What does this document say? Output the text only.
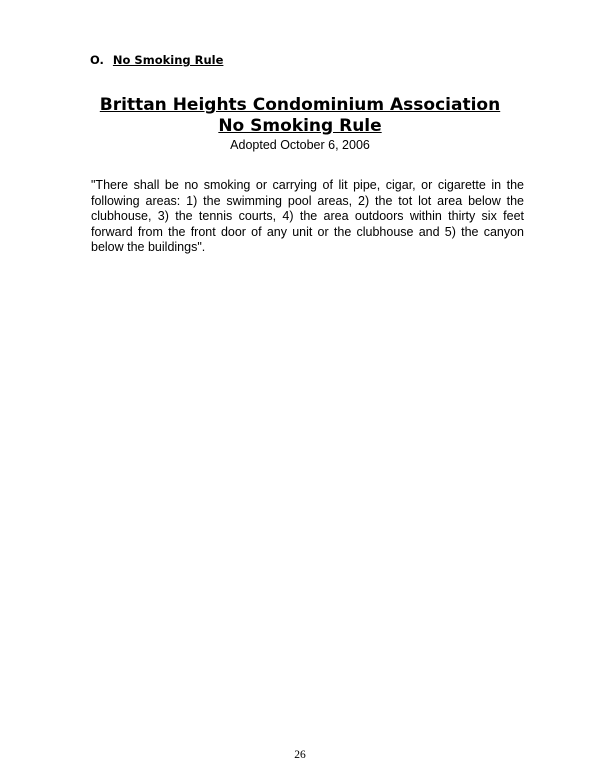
O. No Smoking Rule
Brittan Heights Condominium Association
No Smoking Rule

Adopted October 6, 2006

"There shall be no smoking or carrying of lit pipe, cigar, or cigarette in the following areas: 1) the swimming pool areas, 2) the tot lot area below the clubhouse, 3) the tennis courts, 4) the area outdoors within thirty six feet forward from the front door of any unit or the clubhouse and 5) the canyon below the buildings".

26
